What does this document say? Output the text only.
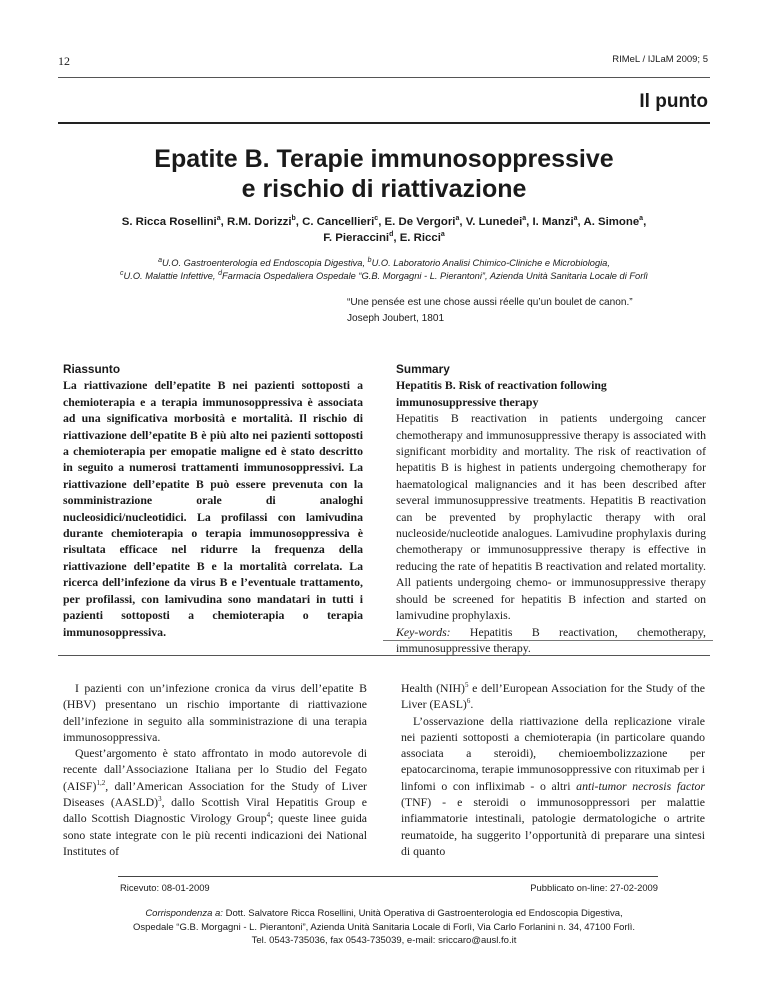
12	RIMeL / IJLaM 2009; 5
Il punto
Epatite B. Terapie immunosoppressive
e rischio di riattivazione
S. Ricca Rosellini$^a$, R.M. Dorizzi$^b$, C. Cancellieri$^c$, E. De Vergori$^a$, V. Lunedei$^a$, I. Manzi$^a$, A. Simone$^a$,
F. Pieraccini$^d$, E. Ricci$^a$
$^a$U.O. Gastroenterologia ed Endoscopia Digestiva, $^b$U.O. Laboratorio Analisi Chimico-Cliniche e Microbiologia,
$^c$U.O. Malattie Infettive, $^d$Farmacia Ospedaliera Ospedale “G.B. Morgagni - L. Pierantoni”, Azienda Unità Sanitaria Locale di Forlì
“Une pensée est une chose aussi réelle qu’un boulet de canon.”
Joseph Joubert, 1801
Riassunto
La riattivazione dell’epatite B nei pazienti sottoposti a chemioterapia e a terapia immunosoppressiva è associata ad una significativa morbosità e mortalità. Il rischio di riattivazione dell’epatite B è più alto nei pazienti sottoposti a chemioterapia per emopatie maligne ed è stato descritto in seguito a numerosi trattamenti immunosoppressivi. La riattivazione dell’epatite B può essere prevenuta con la somministrazione orale di analoghi nucleosidici/nucleotidici. La profilassi con lamivudina durante chemioterapia o terapia immunosoppressiva è risultata efficace nel ridurre la frequenza della riattivazione dell’epatite B e la mortalità correlata. La ricerca dell’infezione da virus B e l’eventuale trattamento, per profilassi, con lamivudina sono mandatari in tutti i pazienti sottoposti a chemioterapia o terapia immunosoppressiva.
Summary
Hepatitis B. Risk of reactivation following immunosuppressive therapy
Hepatitis B reactivation in patients undergoing cancer chemotherapy and immunosuppressive therapy is associated with significant morbidity and mortality. The risk of reactivation of hepatitis B is highest in patients undergoing chemotherapy for haematological malignancies and it has been described after several immunosuppressive treatments. Hepatitis B reactivation can be prevented by prophylactic therapy with oral nucleoside/nucleotide analogues. Lamivudine prophylaxis during chemotherapy or immunosuppressive therapy is effective in reducing the rate of hepatitis B reactivation and related mortality. All patients undergoing chemo- or immunosuppressive therapy should be screened for hepatitis B infection and started on lamivudine prophylaxis.
Key-words: Hepatitis B reactivation, chemotherapy, immunosuppressive therapy.

I pazienti con un’infezione cronica da virus dell’epatite B (HBV) presentano un rischio importante di riattivazione dell’infezione in seguito alla somministrazione di una terapia immunosoppressiva.

Quest’argomento è stato affrontato in modo autorevole di recente dall’Associazione Italiana per lo Studio del Fegato (AISF)$^{1,2}$, dall’American Association for the Study of Liver Diseases (AASLD)$^3$, dallo Scottish Viral Hepatitis Group e dallo Scottish Diagnostic Virology Group$^4$; queste linee guida sono state integrate con le più recenti indicazioni dei National Institutes of

Health (NIH)$^5$ e dell’European Association for the Study of the Liver (EASL)$^6$.

L’osservazione della riattivazione della replicazione virale nei pazienti sottoposti a chemioterapia (in particolare quando associata a steroidi), chemioembolizzazione per epatocarcinoma, terapie immunosoppressive con rituximab per i linfomi o con infliximab - o altri anti-tumor necrosis factor (TNF) - e steroidi o immunosoppressori per malattie infiammatorie intestinali, patologie dermatologiche o artrite reumatoide, ha suggerito l’opportunità di preparare una sintesi di quanto

Ricevuto: 08-01-2009	Pubblicato on-line: 27-02-2009
Corrispondenza a: Dott. Salvatore Ricca Rosellini, Unità Operativa di Gastroenterologia ed Endoscopia Digestiva,
Ospedale “G.B. Morgagni - L. Pierantoni”, Azienda Unità Sanitaria Locale di Forlì, Via Carlo Forlanini n. 34, 47100 Forlì.
Tel. 0543-735036, fax 0543-735039, e-mail: sriccaro@ausl.fo.it
